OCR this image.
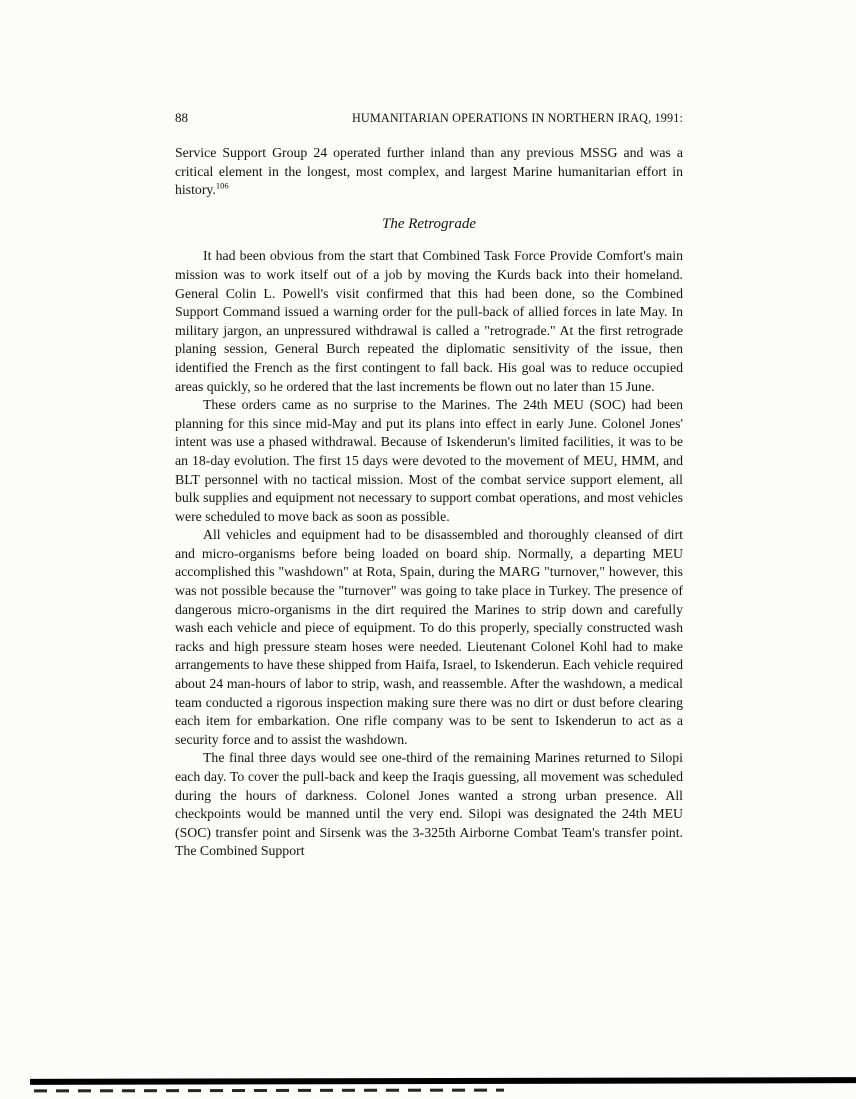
88	HUMANITARIAN OPERATIONS IN NORTHERN IRAQ, 1991:

Service Support Group 24 operated further inland than any previous MSSG and was a critical element in the longest, most complex, and largest Marine humanitarian effort in history.$^{106}$

The Retrograde

It had been obvious from the start that Combined Task Force Provide Comfort's main mission was to work itself out of a job by moving the Kurds back into their homeland. General Colin L. Powell's visit confirmed that this had been done, so the Combined Support Command issued a warning order for the pull-back of allied forces in late May. In military jargon, an unpressured withdrawal is called a "retrograde." At the first retrograde planing session, General Burch repeated the diplomatic sensitivity of the issue, then identified the French as the first contingent to fall back. His goal was to reduce occupied areas quickly, so he ordered that the last increments be flown out no later than 15 June.

These orders came as no surprise to the Marines. The 24th MEU (SOC) had been planning for this since mid-May and put its plans into effect in early June. Colonel Jones' intent was use a phased withdrawal. Because of Iskenderun's limited facilities, it was to be an 18-day evolution. The first 15 days were devoted to the movement of MEU, HMM, and BLT personnel with no tactical mission. Most of the combat service support element, all bulk supplies and equipment not necessary to support combat operations, and most vehicles were scheduled to move back as soon as possible.

All vehicles and equipment had to be disassembled and thoroughly cleansed of dirt and micro-organisms before being loaded on board ship. Normally, a departing MEU accomplished this "washdown" at Rota, Spain, during the MARG "turnover," however, this was not possible because the "turnover" was going to take place in Turkey. The presence of dangerous micro-organisms in the dirt required the Marines to strip down and carefully wash each vehicle and piece of equipment. To do this properly, specially constructed wash racks and high pressure steam hoses were needed. Lieutenant Colonel Kohl had to make arrangements to have these shipped from Haifa, Israel, to Iskenderun. Each vehicle required about 24 man-hours of labor to strip, wash, and reassemble. After the washdown, a medical team conducted a rigorous inspection making sure there was no dirt or dust before clearing each item for embarkation. One rifle company was to be sent to Iskenderun to act as a security force and to assist the washdown.

The final three days would see one-third of the remaining Marines returned to Silopi each day. To cover the pull-back and keep the Iraqis guessing, all movement was scheduled during the hours of darkness. Colonel Jones wanted a strong urban presence. All checkpoints would be manned until the very end. Silopi was designated the 24th MEU (SOC) transfer point and Sirsenk was the 3-325th Airborne Combat Team's transfer point. The Combined Support
